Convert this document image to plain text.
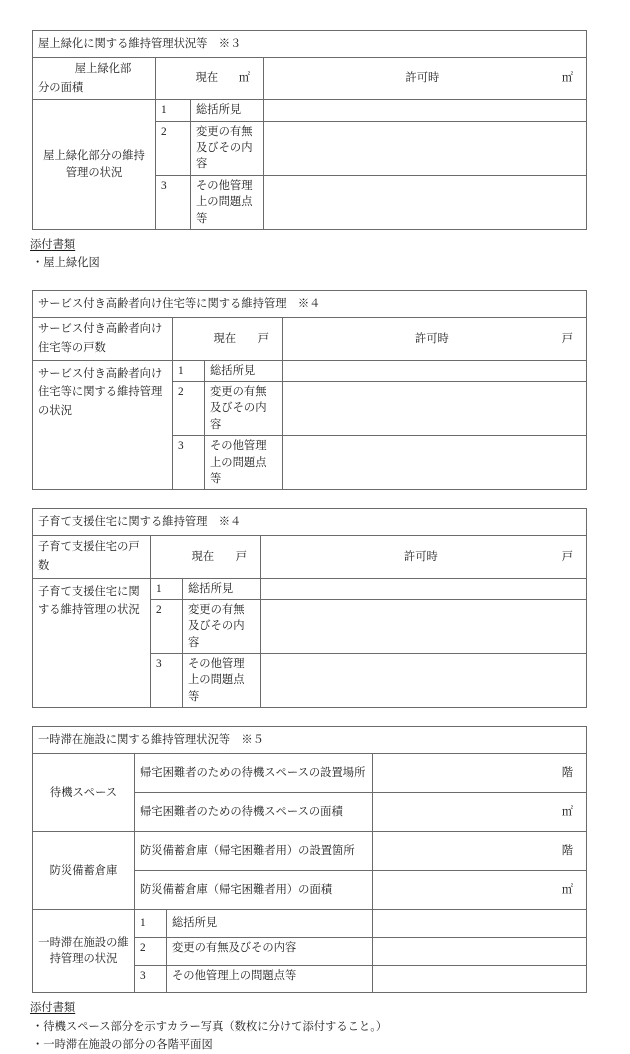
屋上緑化に関する維持管理状況等　※３			

屋上緑化部
分の面積	現在 ㎡		許可時 ㎡

屋上緑化部分の維持管理の状況	1	総括所見	
	2	変更の有無及びその内容	
	3	その他管理上の問題点等	
添付書類
・屋上緑化図
サービス付き高齢者向け住宅等に関する維持管理　※４			
サービス付き高齢者向け住宅等の戸数	現在 戸		許可時 戸

サービス付き高齢者向け住宅等に関する維持管理の状況	1	総括所見	
	2	変更の有無及びその内容	
	3	その他管理上の問題点等	
子育て支援住宅に関する維持管理　※４			
子育て支援住宅の戸数	現在 戸		許可時 戸

子育て支援住宅に関する維持管理の状況	1	総括所見	
	2	変更の有無及びその内容	
	3	その他管理上の問題点等	
一時滞在施設に関する維持管理状況等　※５			
待機スペース	帰宅困難者のための待機スペースの設置場所		階

	帰宅困難者のための待機スペースの面積		㎡

防災備蓄倉庫	防災備蓄倉庫（帰宅困難者用）の設置箇所		階

	防災備蓄倉庫（帰宅困難者用）の面積		㎡

一時滞在施設の維持管理の状況	1	総括所見	
	2	変更の有無及びその内容	
	3	その他管理上の問題点等	
添付書類
・待機スペース部分を示すカラー写真（数枚に分けて添付すること。）
・一時滞在施設の部分の各階平面図
